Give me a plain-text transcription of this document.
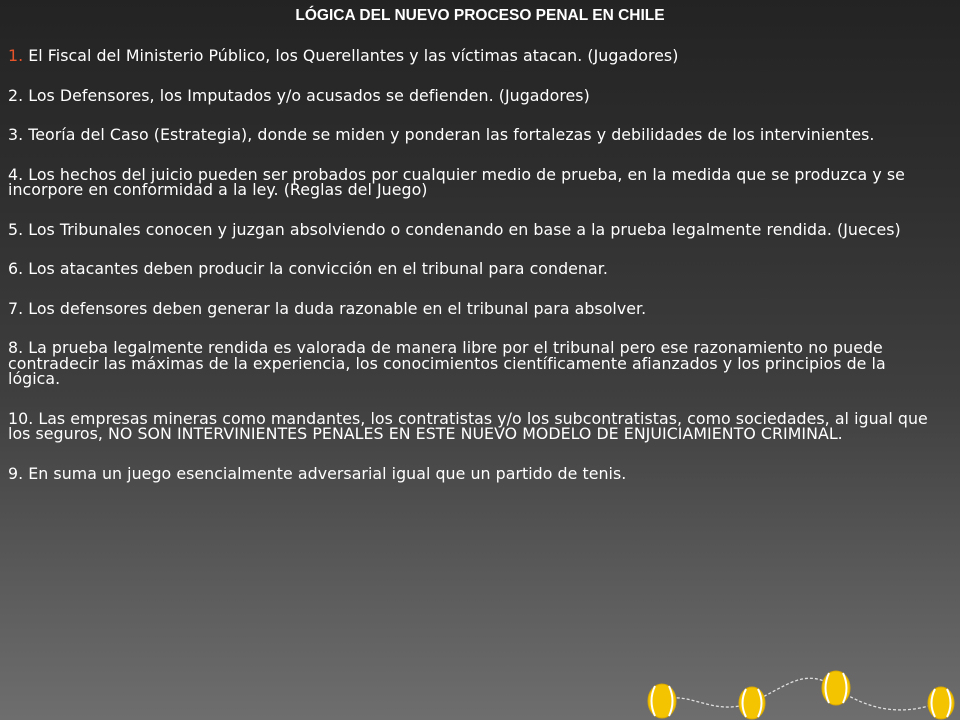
LÓGICA DEL NUEVO PROCESO PENAL EN CHILE
1. El Fiscal del Ministerio Público, los Querellantes y las víctimas atacan. (Jugadores)
2. Los Defensores, los Imputados y/o acusados se defienden. (Jugadores)
3. Teoría del Caso (Estrategia), donde se miden y ponderan las fortalezas y debilidades de los intervinientes.
4. Los hechos del juicio pueden ser probados por cualquier medio de prueba, en la medida que se produzca y se incorpore en conformidad a la ley. (Reglas del Juego)
5. Los Tribunales conocen y juzgan absolviendo o condenando en base a la prueba legalmente rendida. (Jueces)
6. Los atacantes deben producir la convicción en el tribunal para condenar.
7. Los defensores deben generar la duda razonable en el tribunal para absolver.
8. La prueba legalmente rendida es valorada de manera libre por el tribunal pero ese razonamiento no puede contradecir las máximas de la experiencia, los conocimientos científicamente afianzados y los principios de la lógica.
10. Las empresas mineras como mandantes, los contratistas y/o los subcontratistas, como sociedades, al igual que los seguros, NO SON INTERVINIENTES PENALES EN ESTE NUEVO MODELO DE ENJUICIAMIENTO CRIMINAL.
9. En suma un juego esencialmente adversarial igual que un partido de tenis.
